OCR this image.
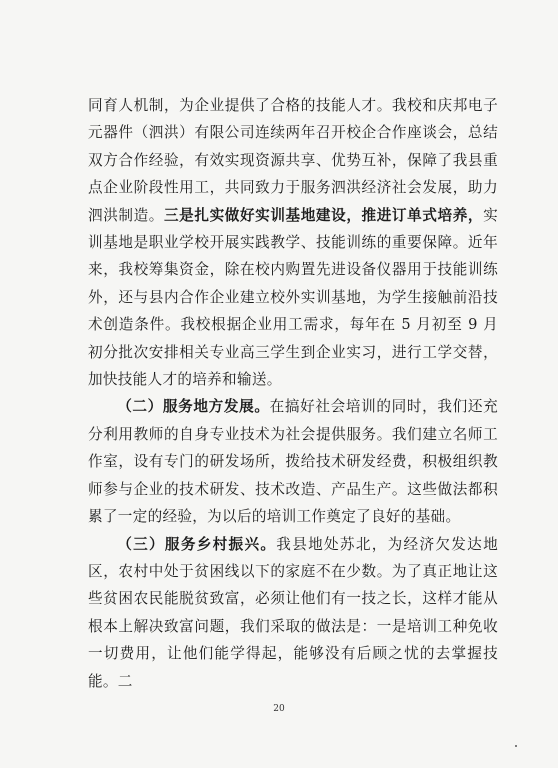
同育人机制，为企业提供了合格的技能人才。我校和庆邦电子元器件（泗洪）有限公司连续两年召开校企合作座谈会，总结双方合作经验，有效实现资源共享、优势互补，保障了我县重点企业阶段性用工，共同致力于服务泗洪经济社会发展，助力泗洪制造。三是扎实做好实训基地建设，推进订单式培养，实训基地是职业学校开展实践教学、技能训练的重要保障。近年来，我校筹集资金，除在校内购置先进设备仪器用于技能训练外，还与县内合作企业建立校外实训基地，为学生接触前沿技术创造条件。我校根据企业用工需求，每年在 5 月初至 9 月初分批次安排相关专业高三学生到企业实习，进行工学交替，加快技能人才的培养和输送。

（二）服务地方发展。在搞好社会培训的同时，我们还充分利用教师的自身专业技术为社会提供服务。我们建立名师工作室，设有专门的研发场所，拨给技术研发经费，积极组织教师参与企业的技术研发、技术改造、产品生产。这些做法都积累了一定的经验，为以后的培训工作奠定了良好的基础。

（三）服务乡村振兴。我县地处苏北，为经济欠发达地区，农村中处于贫困线以下的家庭不在少数。为了真正地让这些贫困农民能脱贫致富，必须让他们有一技之长，这样才能从根本上解决致富问题，我们采取的做法是：一是培训工种免收一切费用，让他们能学得起，能够没有后顾之忧的去掌握技能。二

20
